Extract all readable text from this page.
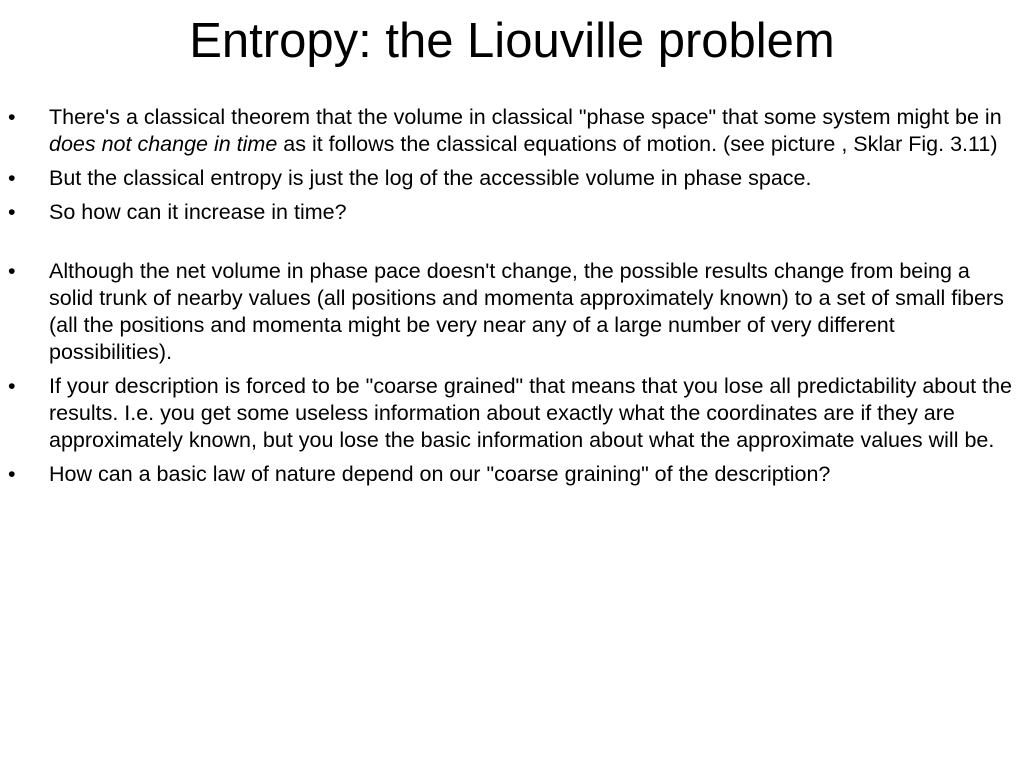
Entropy: the Liouville problem
•	There's a classical theorem that the volume in classical "phase space" that some system might be in does not change in time as it follows the classical equations of motion. (see picture , Sklar Fig. 3.11)
•	But the classical entropy is just the log of the accessible volume in phase space.
•	So how can it increase in time?
•	Although the net volume in phase pace doesn't change, the possible results change from being a solid trunk of nearby values (all positions and momenta approximately known) to a set of small fibers (all the positions and momenta might be very near any of a large number of very different possibilities).
•	If your description is forced to be "coarse grained" that means that you lose all predictability about the results. I.e. you get some useless information about exactly what the coordinates are if they are approximately known, but you lose the basic information about what the approximate values will be.
•	How can a basic law of nature depend on our "coarse graining" of the description?
